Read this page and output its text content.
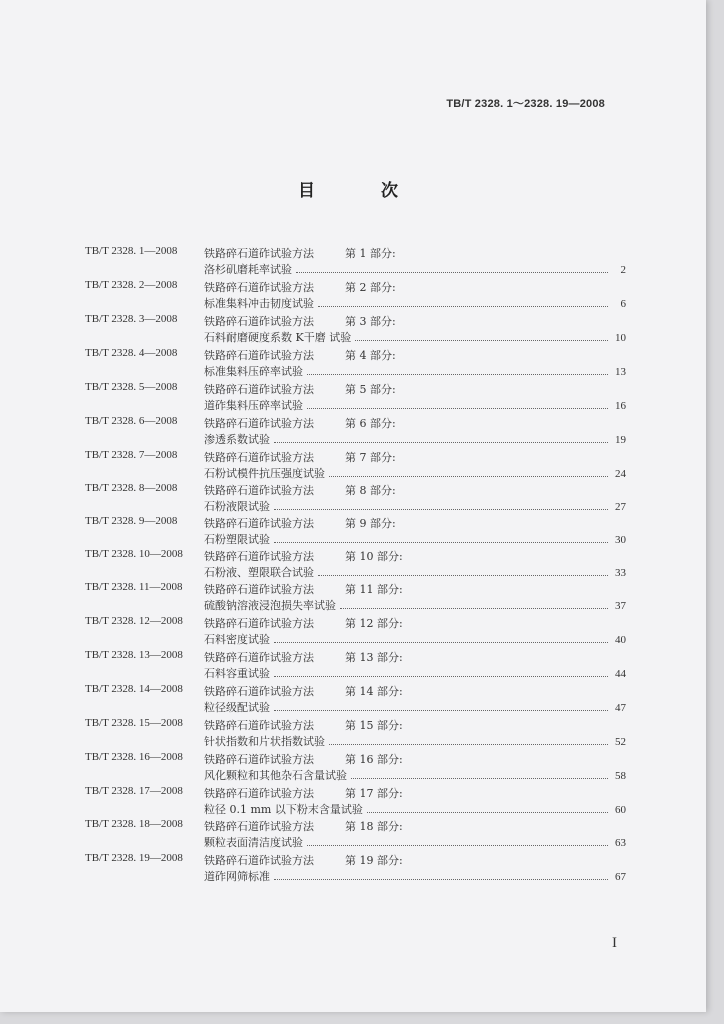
TB/T 2328. 1～2328. 19—2008
目 次
TB/T 2328. 1—2008 铁路碎石道砟试验方法	第 1 部分:
洛杉矶磨耗率试验	2
TB/T 2328. 2—2008 铁路碎石道砟试验方法	第 2 部分:
标准集料冲击韧度试验	6
TB/T 2328. 3—2008 铁路碎石道砟试验方法	第 3 部分:
石料耐磨硬度系数 K干磨 试验	10
TB/T 2328. 4—2008 铁路碎石道砟试验方法	第 4 部分:
标准集料压碎率试验	13
TB/T 2328. 5—2008 铁路碎石道砟试验方法	第 5 部分:
道砟集料压碎率试验	16
TB/T 2328. 6—2008 铁路碎石道砟试验方法	第 6 部分:
渗透系数试验	19
TB/T 2328. 7—2008 铁路碎石道砟试验方法	第 7 部分:
石粉试模件抗压强度试验	24
TB/T 2328. 8—2008 铁路碎石道砟试验方法	第 8 部分:
石粉液限试验	27
TB/T 2328. 9—2008 铁路碎石道砟试验方法	第 9 部分:
石粉塑限试验	30
TB/T 2328. 10—2008 铁路碎石道砟试验方法	第 10 部分:
石粉液、塑限联合试验	33
TB/T 2328. 11—2008 铁路碎石道砟试验方法	第 11 部分:
硫酸钠溶液浸泡损失率试验	37
TB/T 2328. 12—2008 铁路碎石道砟试验方法	第 12 部分:
石料密度试验	40
TB/T 2328. 13—2008 铁路碎石道砟试验方法	第 13 部分:
石料容重试验	44
TB/T 2328. 14—2008 铁路碎石道砟试验方法	第 14 部分:
粒径级配试验	47
TB/T 2328. 15—2008 铁路碎石道砟试验方法	第 15 部分:
针状指数和片状指数试验	52
TB/T 2328. 16—2008 铁路碎石道砟试验方法	第 16 部分:
风化颗粒和其他杂石含量试验	58
TB/T 2328. 17—2008 铁路碎石道砟试验方法	第 17 部分:
粒径 0.1 mm 以下粉末含量试验	60
TB/T 2328. 18—2008 铁路碎石道砟试验方法	第 18 部分:
颗粒表面清洁度试验	63
TB/T 2328. 19—2008 铁路碎石道砟试验方法	第 19 部分:
道砟网筛标准	67
I
